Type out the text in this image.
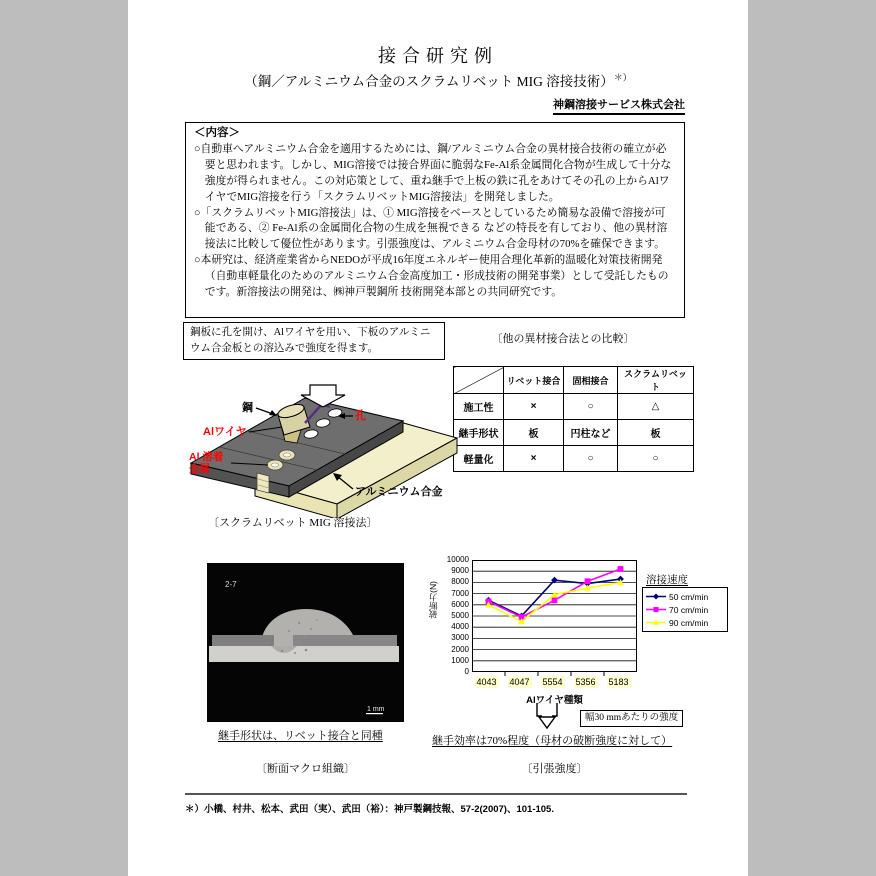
接合研究例
（鋼／アルミニウム合金のスクラムリベット MIG 溶接技術）＊）
神鋼溶接サービス株式会社
＜内容＞
○自動車へアルミニウム合金を適用するためには、鋼/アルミニウム合金の異材接合技術の確立が必要と思われます。しかし、MIG溶接では接合界面に脆弱なFe-Al系金属間化合物が生成して十分な強度が得られません。この対応策として、重ね継手で上板の鉄に孔をあけてその孔の上からAlワイヤでMIG溶接を行う「スクラムリベットMIG溶接法」を開発しました。
○「スクラムリベットMIG溶接法」は、① MIG溶接をベースとしているため簡易な設備で溶接が可能である、② Fe-Al系の金属間化合物の生成を無視できる などの特長を有しており、他の異材溶接法に比較して優位性があります。引張強度は、アルミニウム合金母材の70%を確保できます。
○本研究は、経済産業省からNEDOが平成16年度エネルギー使用合理化革新的温暖化対策技術開発（自動車軽量化のためのアルミニウム合金高度加工・形成技術の開発事業）として受託したものです。新溶接法の開発は、㈱神戸製鋼所 技術開発本部との共同研究です。
鋼板に孔を開け、Alワイヤを用い、下板のアルミニウム合金板との溶込みで強度を得ます。
〔他の異材接合法との比較〕
	リベット接合	固相接合	スクラムリベット
施工性	×	○	△
継手形状	板	円柱など	板
軽量化	×	○	○
鋼
孔
Alワイヤ
Al 溶着
金属
アルミニウム合金
〔スクラムリベット MIG 溶接法〕
2-7
1 mm
継手形状は、リベット接合と同種
〔断面マクロ組織〕
破断力(N)
10000
9000
8000
7000
6000
5000
4000
3000
2000
1000
0
4043 4047 5554 5356 5183
Alワイヤ種類
溶接速度
50 cm/min
70 cm/min
90 cm/min
幅30 mmあたりの強度
継手効率は70%程度（母材の破断強度に対して）
〔引張強度〕
＊）小橋、村井、松本、武田（実）、武田（裕）：神戸製鋼技報、57-2(2007)、101-105.
